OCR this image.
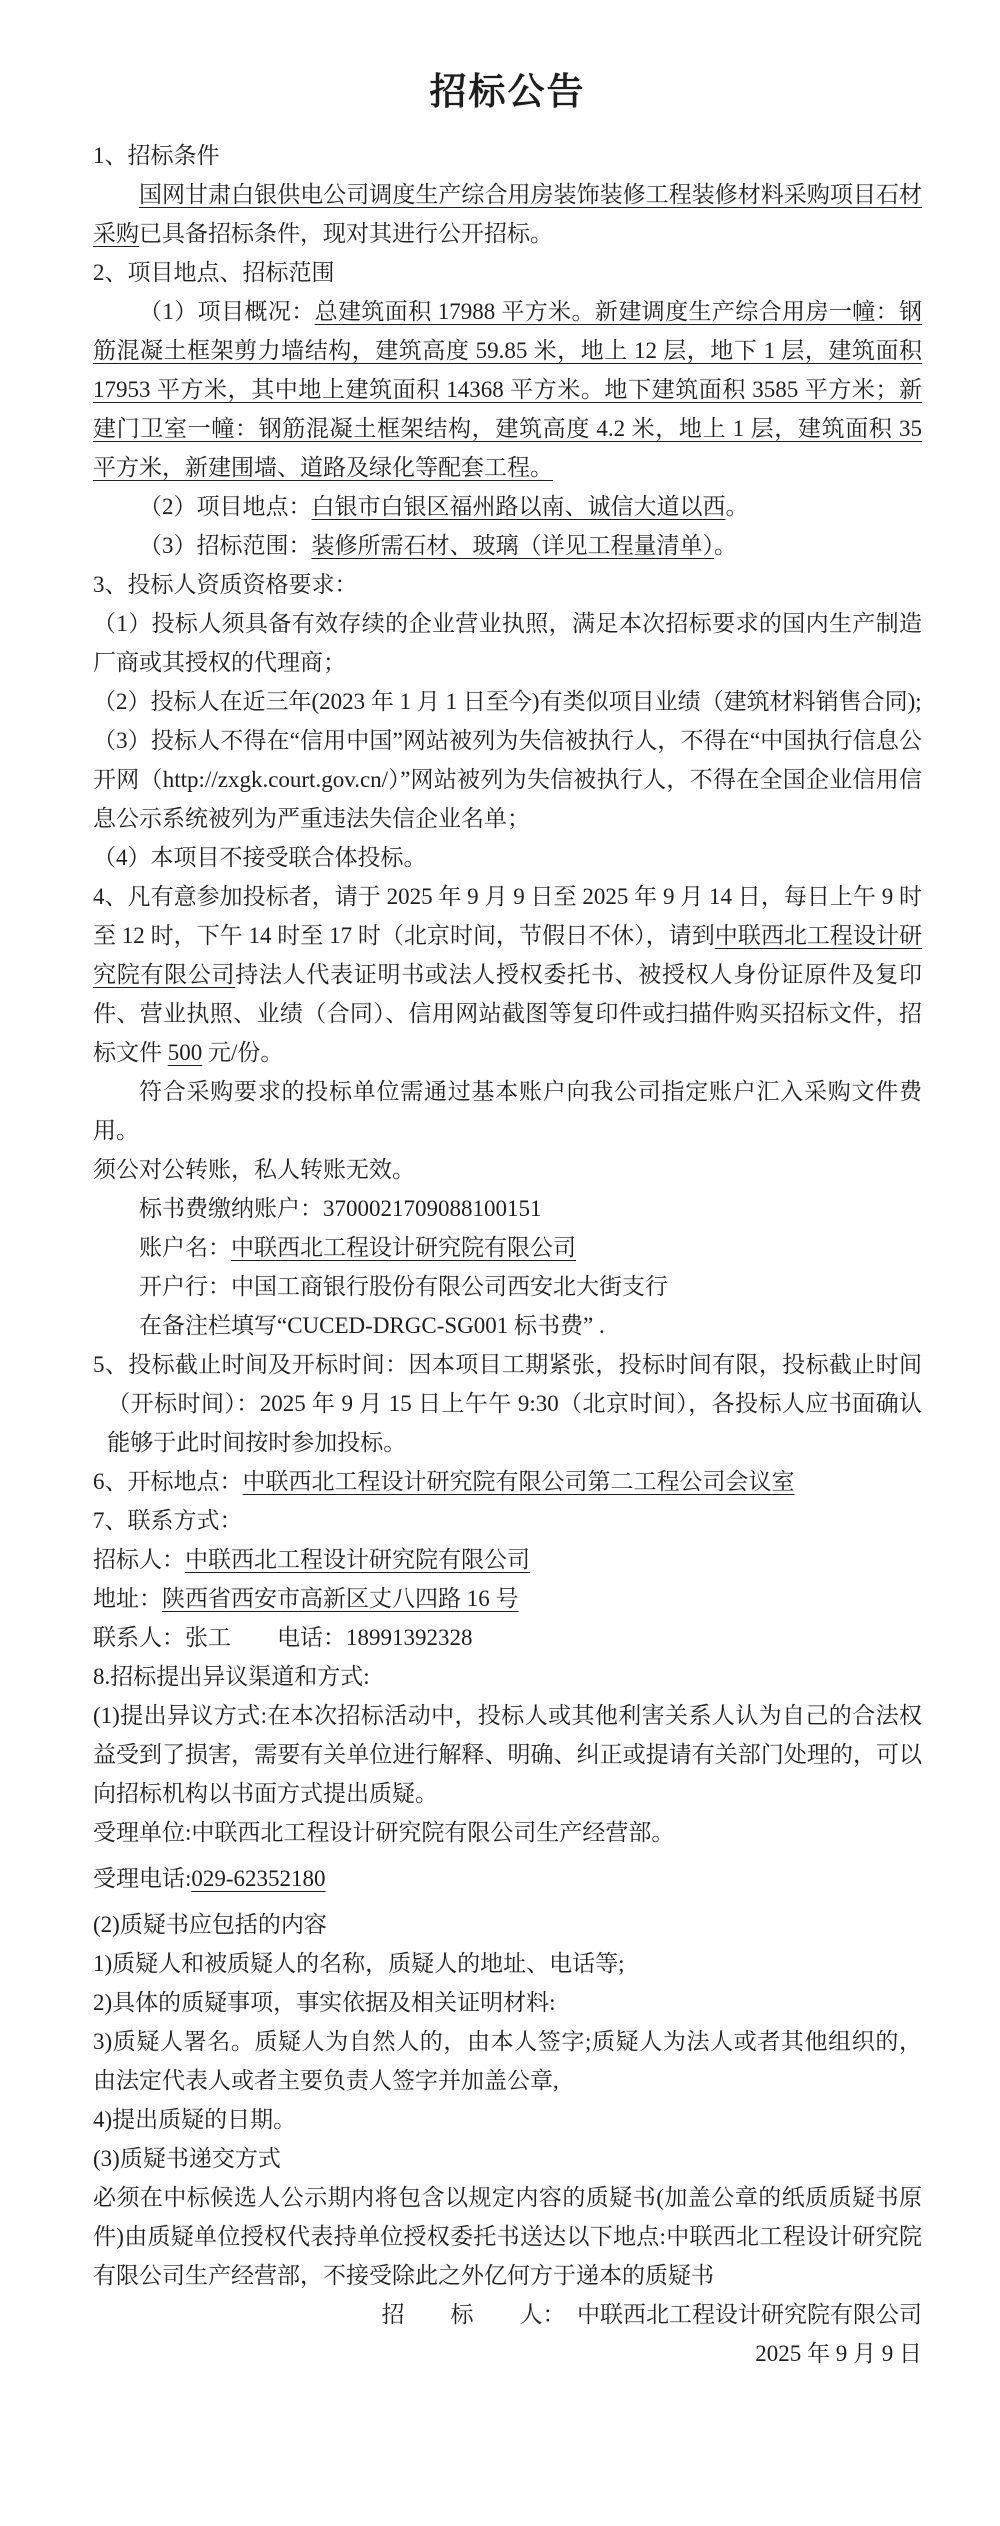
招标公告

1、招标条件

国网甘肃白银供电公司调度生产综合用房装饰装修工程装修材料采购项目石材采购已具备招标条件，现对其进行公开招标。

2、项目地点、招标范围

（1）项目概况：总建筑面积 17988 平方米。新建调度生产综合用房一幢：钢筋混凝土框架剪力墙结构，建筑高度 59.85 米，地上 12 层，地下 1 层，建筑面积 17953 平方米，其中地上建筑面积 14368 平方米。地下建筑面积 3585 平方米；新建门卫室一幢：钢筋混凝土框架结构，建筑高度 4.2 米，地上 1 层，建筑面积 35 平方米，新建围墙、道路及绿化等配套工程。

（2）项目地点：白银市白银区福州路以南、诚信大道以西。

（3）招标范围：装修所需石材、玻璃（详见工程量清单）。

3、投标人资质资格要求：

（1）投标人须具备有效存续的企业营业执照，满足本次招标要求的国内生产制造厂商或其授权的代理商；

（2）投标人在近三年(2023 年 1 月 1 日至今)有类似项目业绩（建筑材料销售合同);

（3）投标人不得在“信用中国”网站被列为失信被执行人，不得在“中国执行信息公开网（http://zxgk.court.gov.cn/）”网站被列为失信被执行人，不得在全国企业信用信息公示系统被列为严重违法失信企业名单；

（4）本项目不接受联合体投标。

4、凡有意参加投标者，请于 2025 年 9 月 9 日至 2025 年 9 月 14 日，每日上午 9 时至 12 时，下午 14 时至 17 时（北京时间，节假日不休），请到中联西北工程设计研究院有限公司持法人代表证明书或法人授权委托书、被授权人身份证原件及复印件、营业执照、业绩（合同）、信用网站截图等复印件或扫描件购买招标文件，招标文件 500 元/份。

符合采购要求的投标单位需通过基本账户向我公司指定账户汇入采购文件费用。

须公对公转账，私人转账无效。

标书费缴纳账户：3700021709088100151

账户名：中联西北工程设计研究院有限公司

开户行：中国工商银行股份有限公司西安北大街支行

在备注栏填写“CUCED-DRGC-SG001 标书费” .

5、投标截止时间及开标时间：因本项目工期紧张，投标时间有限，投标截止时间（开标时间）：2025 年 9 月 15 日上午午 9:30（北京时间），各投标人应书面确认能够于此时间按时参加投标。

6、开标地点：中联西北工程设计研究院有限公司第二工程公司会议室

7、联系方式：

招标人：中联西北工程设计研究院有限公司

地址：陕西省西安市高新区丈八四路 16 号

联系人：张工　　电话：18991392328

8.招标提出异议渠道和方式:

(1)提出异议方式:在本次招标活动中，投标人或其他利害关系人认为自己的合法权益受到了损害，需要有关单位进行解释、明确、纠正或提请有关部门处理的，可以向招标机构以书面方式提出质疑。

受理单位:中联西北工程设计研究院有限公司生产经营部。

受理电话:029-62352180

(2)质疑书应包括的内容

1)质疑人和被质疑人的名称，质疑人的地址、电话等;

2)具体的质疑事项，事实依据及相关证明材料:

3)质疑人署名。质疑人为自然人的，由本人签字;质疑人为法人或者其他组织的，由法定代表人或者主要负责人签字并加盖公章,

4)提出质疑的日期。

(3)质疑书递交方式

必须在中标候选人公示期内将包含以规定内容的质疑书(加盖公章的纸质质疑书原件)由质疑单位授权代表持单位授权委托书送达以下地点:中联西北工程设计研究院有限公司生产经营部，不接受除此之外亿何方于递本的质疑书

招　　标　　人：　中联西北工程设计研究院有限公司

2025 年 9 月 9 日
